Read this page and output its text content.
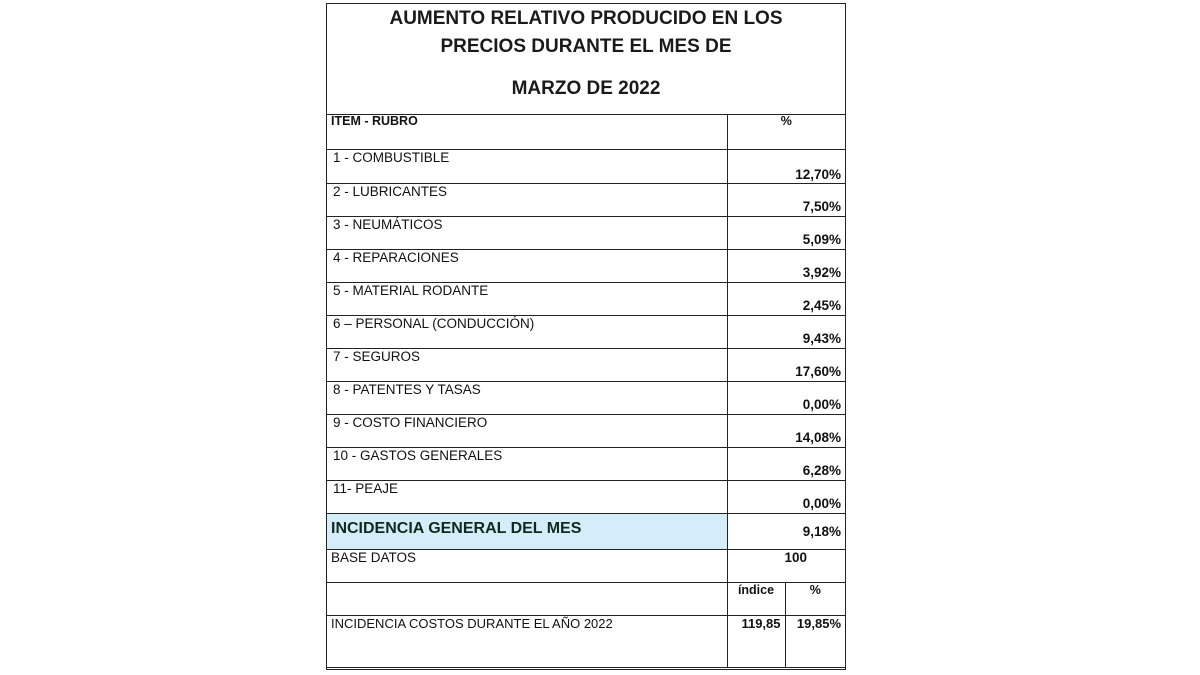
AUMENTO RELATIVO PRODUCIDO EN LOS
PRECIOS DURANTE EL MES DE
MARZO DE 2022
ÍTEM - RUBRO	%	
1 - COMBUSTIBLE	12,70%	
2 - LUBRICANTES	7,50%	
3 - NEUMÁTICOS	5,09%	
4 - REPARACIONES	3,92%	
5 - MATERIAL RODANTE	2,45%	
6 – PERSONAL (CONDUCCIÓN)	9,43%	
7 - SEGUROS	17,60%	
8 - PATENTES Y TASAS	0,00%	
9 - COSTO FINANCIERO	14,08%	
10 - GASTOS GENERALES	6,28%	
11- PEAJE	0,00%	
INCIDENCIA GENERAL DEL MES	9,18%	
BASE DATOS	100	
	índice	%
INCIDENCIA COSTOS DURANTE EL AÑO 2022	119,85	19,85%
